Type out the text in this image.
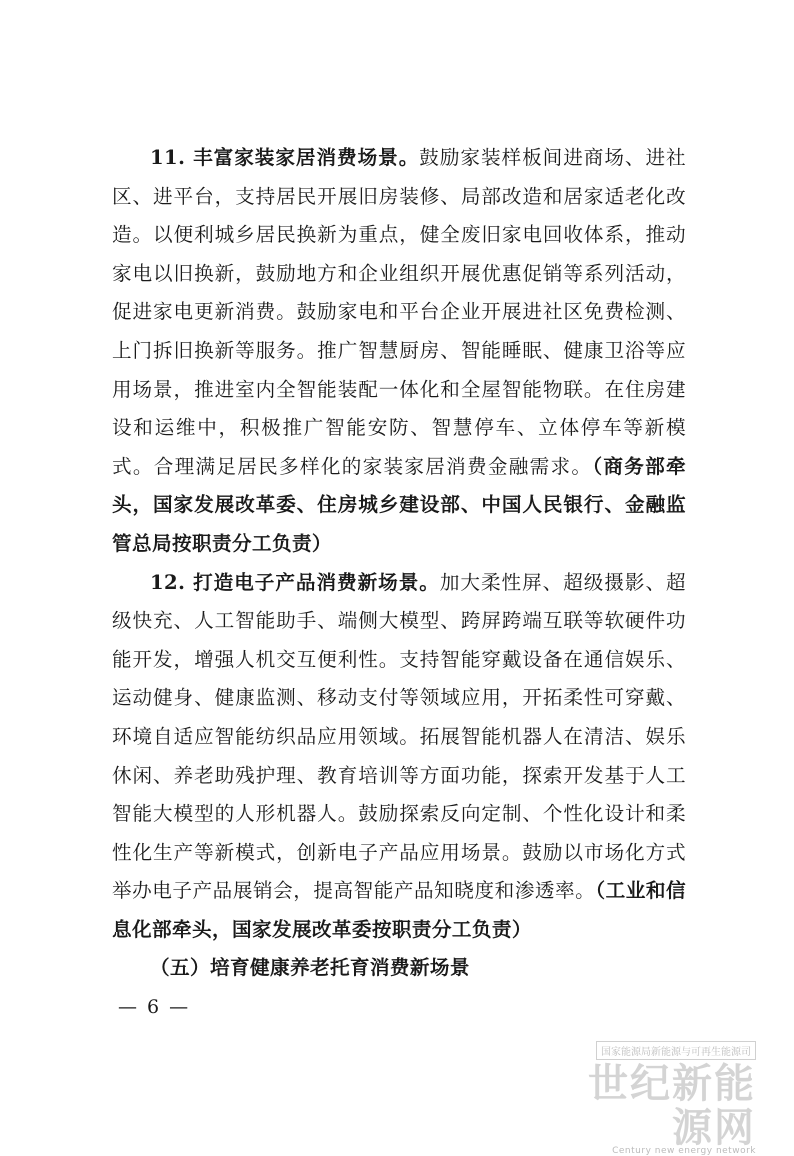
11. 丰富家装家居消费场景。鼓励家装样板间进商场、进社区、进平台，支持居民开展旧房装修、局部改造和居家适老化改造。以便利城乡居民换新为重点，健全废旧家电回收体系，推动家电以旧换新，鼓励地方和企业组织开展优惠促销等系列活动，促进家电更新消费。鼓励家电和平台企业开展进社区免费检测、上门拆旧换新等服务。推广智慧厨房、智能睡眠、健康卫浴等应用场景，推进室内全智能装配一体化和全屋智能物联。在住房建设和运维中，积极推广智能安防、智慧停车、立体停车等新模式。合理满足居民多样化的家装家居消费金融需求。（商务部牵头，国家发展改革委、住房城乡建设部、中国人民银行、金融监管总局按职责分工负责）

12. 打造电子产品消费新场景。加大柔性屏、超级摄影、超级快充、人工智能助手、端侧大模型、跨屏跨端互联等软硬件功能开发，增强人机交互便利性。支持智能穿戴设备在通信娱乐、运动健身、健康监测、移动支付等领域应用，开拓柔性可穿戴、环境自适应智能纺织品应用领域。拓展智能机器人在清洁、娱乐休闲、养老助残护理、教育培训等方面功能，探索开发基于人工智能大模型的人形机器人。鼓励探索反向定制、个性化设计和柔性化生产等新模式，创新电子产品应用场景。鼓励以市场化方式举办电子产品展销会，提高智能产品知晓度和渗透率。（工业和信息化部牵头，国家发展改革委按职责分工负责）

（五）培育健康养老托育消费新场景

— 6 —
国家能源局新能源与可再生能源司
世纪新能源网
Century new energy network
